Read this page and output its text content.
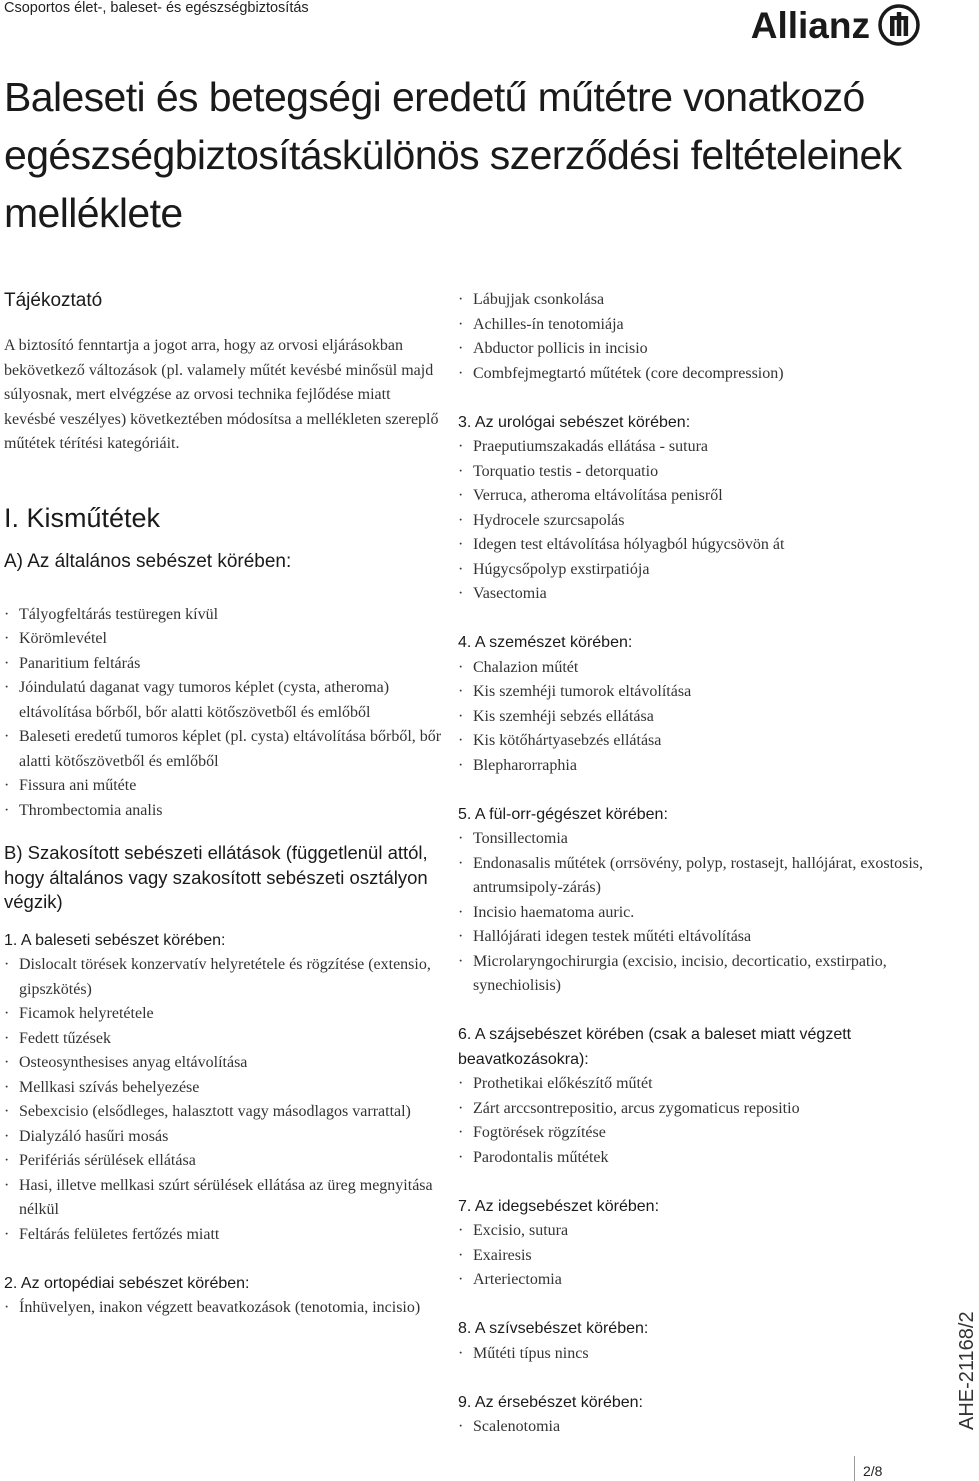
Csoportos élet-, baleset- és egészségbiztosítás	Allianz
Baleseti és betegségi eredetű műtétre vonatkozó egészségbiztosításkülönös szerződési feltételeinek melléklete
Tájékoztató

A biztosító fenntartja a jogot arra, hogy az orvosi eljárásokban bekövetkező változások (pl. valamely műtét kevésbé minősül majd súlyosnak, mert elvégzése az orvosi technika fejlődése miatt kevésbé veszélyes) következtében módosítsa a mellékleten szereplő műtétek térítési kategóriáit.

I. Kisműtétek
A) Az általános sebészet körében:
· Tályogfeltárás testüregen kívül
· Körömlevétel
· Panaritium feltárás
· Jóindulatú daganat vagy tumoros képlet (cysta, atheroma) eltávolítása bőrből, bőr alatti kötőszövetből és emlőből
· Baleseti eredetű tumoros képlet (pl. cysta) eltávolítása bőrből, bőr alatti kötőszövetből és emlőből
· Fissura ani műtéte
· Thrombectomia analis
B) Szakosított sebészeti ellátások (függetlenül attól, hogy általános vagy szakosított sebészeti osztályon végzik)
1. A baleseti sebészet körében:
· Dislocalt törések konzervatív helyretétele és rögzítése (extensio, gipszkötés)
· Ficamok helyretétele
· Fedett tűzések
· Osteosynthesises anyag eltávolítása
· Mellkasi szívás behelyezése
· Sebexcisio (elsődleges, halasztott vagy másodlagos varrattal)
· Dialyzáló hasűri mosás
· Perifériás sérülések ellátása
· Hasi, illetve mellkasi szúrt sérülések ellátása az üreg megnyitása nélkül
· Feltárás felületes fertőzés miatt
2. Az ortopédiai sebészet körében:
· Ínhüvelyen, inakon végzett beavatkozások (tenotomia, incisio)
· Lábujjak csonkolása
· Achilles-ín tenotomiája
· Abductor pollicis in incisio
· Combfejmegtartó műtétek (core decompression)
3. Az urológai sebészet körében:
· Praeputiumszakadás ellátása - sutura
· Torquatio testis - detorquatio
· Verruca, atheroma eltávolítása penisről
· Hydrocele szurcsapolás
· Idegen test eltávolítása hólyagból húgycsövön át
· Húgycsőpolyp exstirpatiója
· Vasectomia
4. A szemészet körében:
· Chalazion műtét
· Kis szemhéji tumorok eltávolítása
· Kis szemhéji sebzés ellátása
· Kis kötőhártyasebzés ellátása
· Blepharorraphia
5. A fül-orr-gégészet körében:
· Tonsillectomia
· Endonasalis műtétek (orrsövény, polyp, rostasejt, hallójárat, exostosis, antrumsipoly-zárás)
· Incisio haematoma auric.
· Hallójárati idegen testek műtéti eltávolítása
· Microlaryngochirurgia (excisio, incisio, decorticatio, exstirpatio, synechiolisis)
6. A szájsebészet körében (csak a baleset miatt végzett beavatkozásokra):
· Prothetikai előkészítő műtét
· Zárt arccsontrepositio, arcus zygomaticus repositio
· Fogtörések rögzítése
· Parodontalis műtétek
7. Az idegsebészet körében:
· Excisio, sutura
· Exairesis
· Arteriectomia
8. A szívsebészet körében:
· Műtéti típus nincs
9. Az érsebészet körében:
· Scalenotomia	AHE-21168/2
2/8
